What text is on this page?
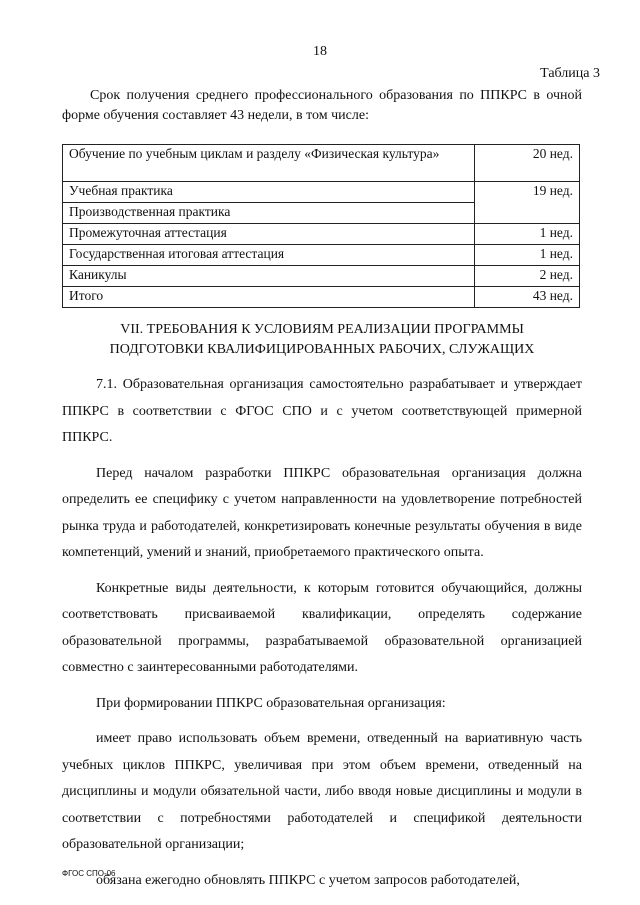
18
Таблица 3
Срок получения среднего профессионального образования по ППКРС в очной форме обучения составляет 43 недели, в том числе:
Обучение по учебным циклам и разделу «Физическая культура»	20 нед.
Учебная практика	19 нед.
Производственная практика	
Промежуточная аттестация	1 нед.
Государственная итоговая аттестация	1 нед.
Каникулы	2 нед.
Итого	43 нед.
VII. ТРЕБОВАНИЯ К УСЛОВИЯМ РЕАЛИЗАЦИИ ПРОГРАММЫ
ПОДГОТОВКИ КВАЛИФИЦИРОВАННЫХ РАБОЧИХ, СЛУЖАЩИХ

7.1. Образовательная организация самостоятельно разрабатывает и утверждает ППКРС в соответствии с ФГОС СПО и с учетом соответствующей примерной ППКРС.

Перед началом разработки ППКРС образовательная организация должна определить ее специфику с учетом направленности на удовлетворение потребностей рынка труда и работодателей, конкретизировать конечные результаты обучения в виде компетенций, умений и знаний, приобретаемого практического опыта.

Конкретные виды деятельности, к которым готовится обучающийся, должны соответствовать присваиваемой квалификации, определять содержание образовательной программы, разрабатываемой образовательной организацией совместно с заинтересованными работодателями.

При формировании ППКРС образовательная организация:

имеет право использовать объем времени, отведенный на вариативную часть учебных циклов ППКРС, увеличивая при этом объем времени, отведенный на дисциплины и модули обязательной части, либо вводя новые дисциплины и модули в соответствии с потребностями работодателей и спецификой деятельности образовательной организации;

обязана ежегодно обновлять ППКРС с учетом запросов работодателей,

ФГОС СПО-06
